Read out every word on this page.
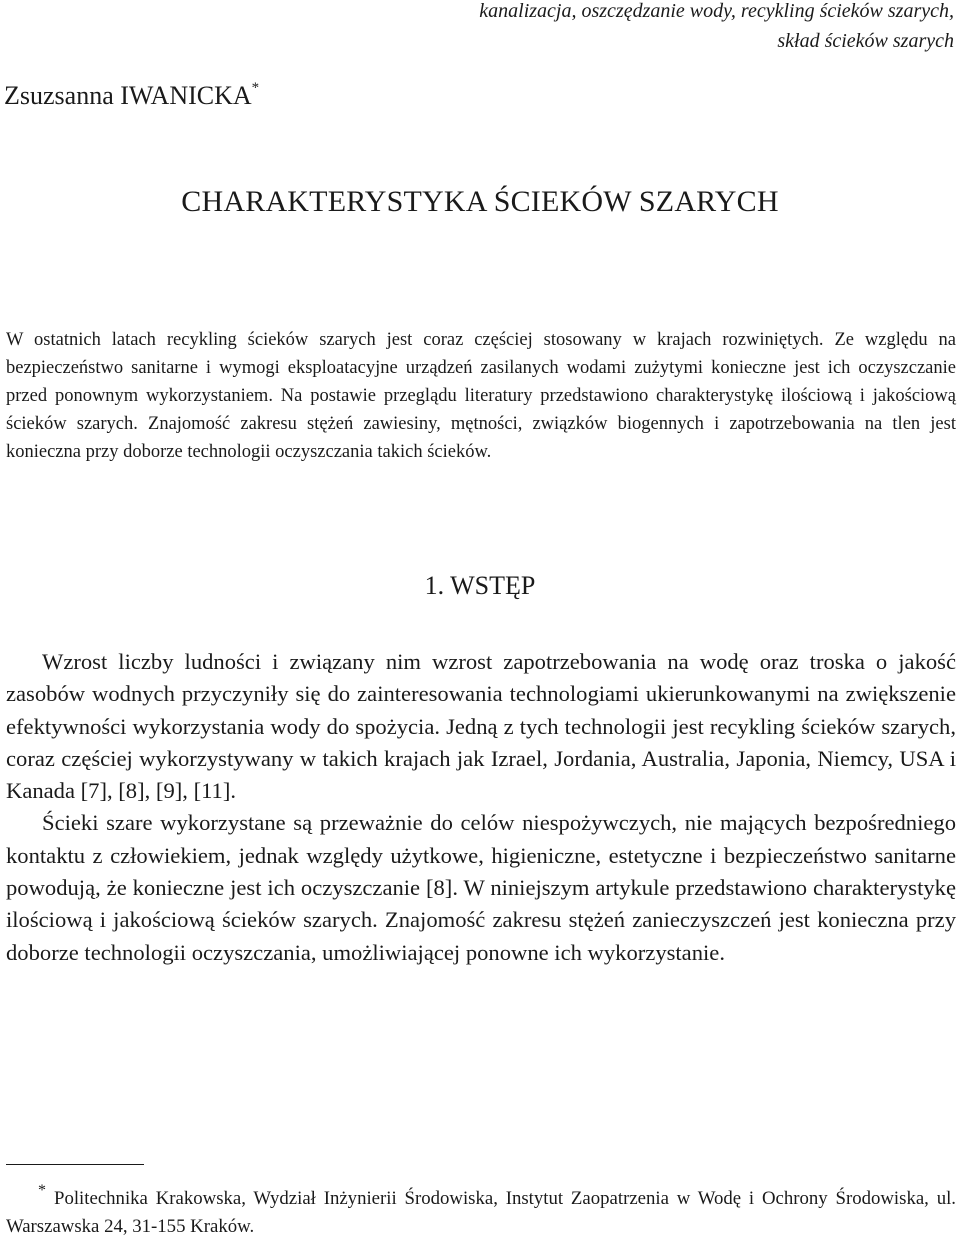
kanalizacja, oszczędzanie wody, recykling ścieków szarych,
skład ścieków szarych
Zsuzsanna IWANICKA*
CHARAKTERYSTYKA ŚCIEKÓW SZARYCH

W ostatnich latach recykling ścieków szarych jest coraz częściej stosowany w krajach rozwiniętych. Ze względu na bezpieczeństwo sanitarne i wymogi eksploatacyjne urządzeń zasilanych wodami zużytymi konieczne jest ich oczyszczanie przed ponownym wykorzystaniem. Na postawie przeglądu literatury przedstawiono charakterystykę ilościową i jakościową ścieków szarych. Znajomość zakresu stężeń zawiesiny, mętności, związków biogennych i zapotrzebowania na tlen jest konieczna przy doborze technologii oczyszczania takich ścieków.

1. WSTĘP

Wzrost liczby ludności i związany nim wzrost zapotrzebowania na wodę oraz troska o jakość zasobów wodnych przyczyniły się do zainteresowania technologiami ukierunkowanymi na zwiększenie efektywności wykorzystania wody do spożycia. Jedną z tych technologii jest recykling ścieków szarych, coraz częściej wykorzystywany w takich krajach jak Izrael, Jordania, Australia, Japonia, Niemcy, USA i Kanada [7], [8], [9], [11].

Ścieki szare wykorzystane są przeważnie do celów niespożywczych, nie mających bezpośredniego kontaktu z człowiekiem, jednak względy użytkowe, higieniczne, estetyczne i bezpieczeństwo sanitarne powodują, że konieczne jest ich oczyszczanie [8]. W niniejszym artykule przedstawiono charakterystykę ilościową i jakościową ścieków szarych. Znajomość zakresu stężeń zanieczyszczeń jest konieczna przy doborze technologii oczyszczania, umożliwiającej ponowne ich wykorzystanie.

* Politechnika Krakowska, Wydział Inżynierii Środowiska, Instytut Zaopatrzenia w Wodę i Ochrony Środowiska, ul. Warszawska 24, 31-155 Kraków.
